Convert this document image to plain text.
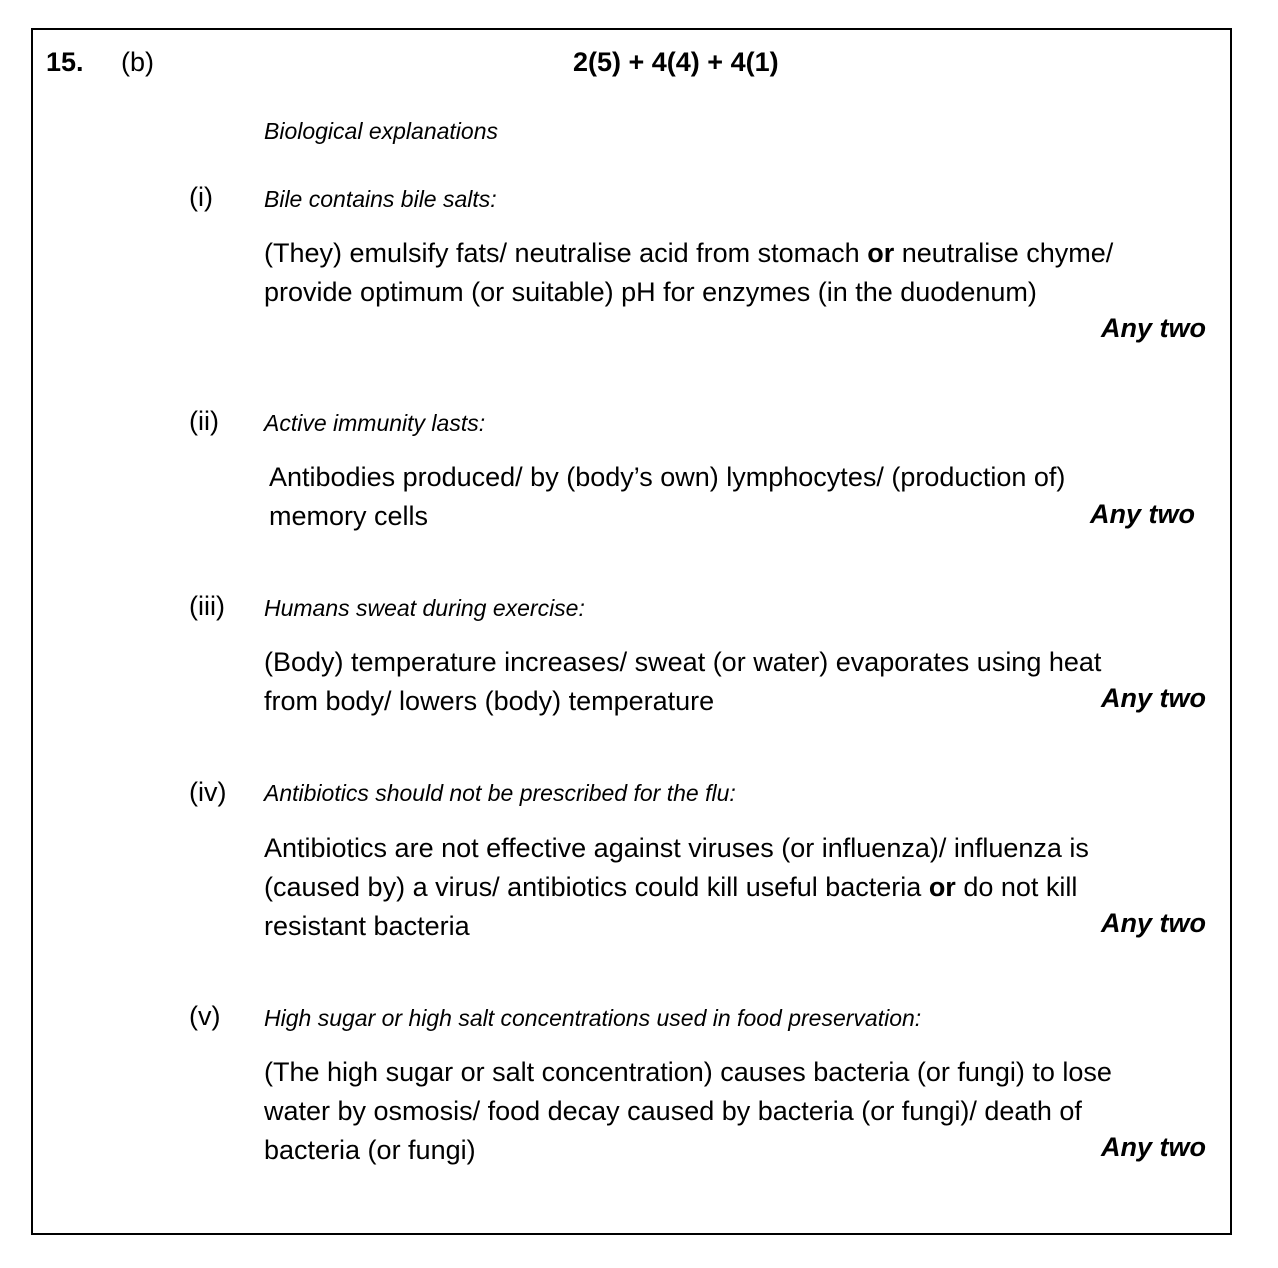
15. (b)	2(5) + 4(4) + 4(1)
Biological explanations
(i) Bile contains bile salts:
(They) emulsify fats/ neutralise acid from stomach or neutralise chyme/
provide optimum (or suitable) pH for enzymes (in the duodenum)
Any two
(ii) Active immunity lasts:
Antibodies produced/ by (body’s own) lymphocytes/ (production of)
memory cells	Any two
(iii) Humans sweat during exercise:
(Body) temperature increases/ sweat (or water) evaporates using heat
from body/ lowers (body) temperature	Any two
(iv) Antibiotics should not be prescribed for the flu:
Antibiotics are not effective against viruses (or influenza)/ influenza is
(caused by) a virus/ antibiotics could kill useful bacteria or do not kill
resistant bacteria	Any two
(v) High sugar or high salt concentrations used in food preservation:
(The high sugar or salt concentration) causes bacteria (or fungi) to lose
water by osmosis/ food decay caused by bacteria (or fungi)/ death of
bacteria (or fungi)	Any two
